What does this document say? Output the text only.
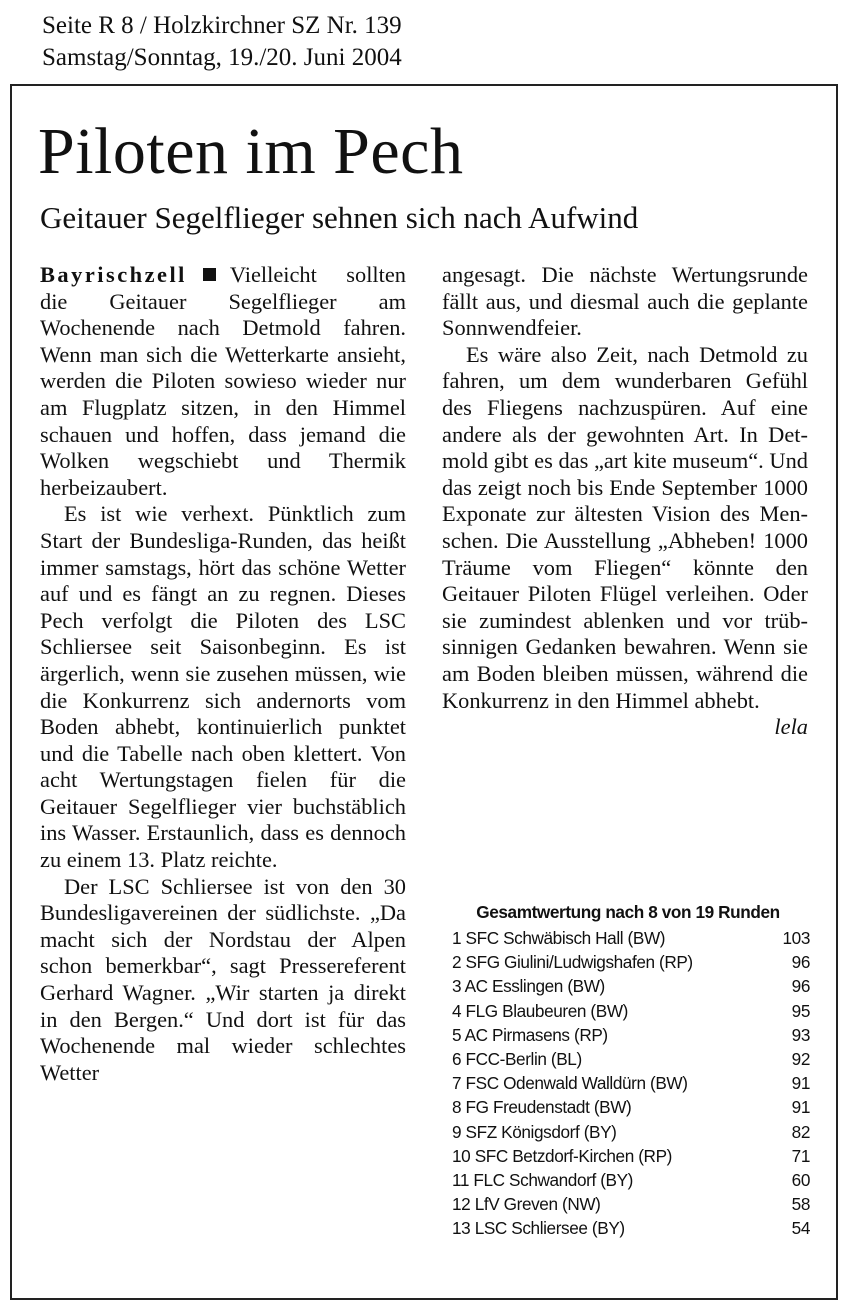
Seite R 8 / Holzkirchner SZ Nr. 139
Samstag/Sonntag, 19./20. Juni 2004
Piloten im Pech
Geitauer Segelflieger sehnen sich nach Aufwind

Bayrischzell Vielleicht sollten die Geitauer Segelflieger am Wochenende nach Detmold fahren. Wenn man sich die Wetterkarte ansieht, werden die Piloten sowieso wieder nur am Flugplatz sitzen, in den Himmel schauen und hoffen, dass jemand die Wolken wegschiebt und Thermik herbeizaubert.

Es ist wie verhext. Pünktlich zum Start der Bundesliga-Runden, das heißt immer samstags, hört das schöne Wetter auf und es fängt an zu regnen. Dieses Pech verfolgt die Piloten des LSC Schliersee seit Saisonbeginn. Es ist ärgerlich, wenn sie zusehen müssen, wie die Konkurrenz sich andernorts vom Boden abhebt, kontinuierlich punktet und die Tabelle nach oben klettert. Von acht Wertungstagen fielen für die Geitauer Segelflieger vier buchstäblich ins Wasser. Erstaunlich, dass es dennoch zu einem 13. Platz reichte.

Der LSC Schliersee ist von den 30 Bundesligavereinen der südlichste. „Da macht sich der Nordstau der Alpen schon bemerkbar“, sagt Pressereferent Gerhard Wagner. „Wir starten ja direkt in den Bergen.“ Und dort ist für das Wochenende mal wieder schlechtes Wetter

angesagt. Die nächste Wertungsrunde fällt aus, und diesmal auch die geplante Sonnwendfeier.

Es wäre also Zeit, nach Detmold zu fahren, um dem wunderbaren Gefühl des Fliegens nachzuspüren. Auf eine andere als der gewohnten Art. In Detmold gibt es das „art kite museum“. Und das zeigt noch bis Ende September 1000 Exponate zur ältesten Vision des Menschen. Die Ausstellung „Abheben! 1000 Träume vom Fliegen“ könnte den Geitauer Piloten Flügel verleihen. Oder sie zumindest ablenken und vor trübsinnigen Gedanken bewahren. Wenn sie am Boden bleiben müssen, während die Konkurrenz in den Himmel abhebt.
lela

Gesamtwertung nach 8 von 19 Runden
1 SFC Schwäbisch Hall (BW)	103
2 SFG Giulini/Ludwigshafen (RP)	96
3 AC Esslingen (BW)	96
4 FLG Blaubeuren (BW)	95
5 AC Pirmasens (RP)	93
6 FCC-Berlin (BL)	92
7 FSC Odenwald Walldürn (BW)	91
8 FG Freudenstadt (BW)	91
9 SFZ Königsdorf (BY)	82
10 SFC Betzdorf-Kirchen (RP)	71
11 FLC Schwandorf (BY)	60
12 LfV Greven (NW)	58
13 LSC Schliersee (BY)	54
